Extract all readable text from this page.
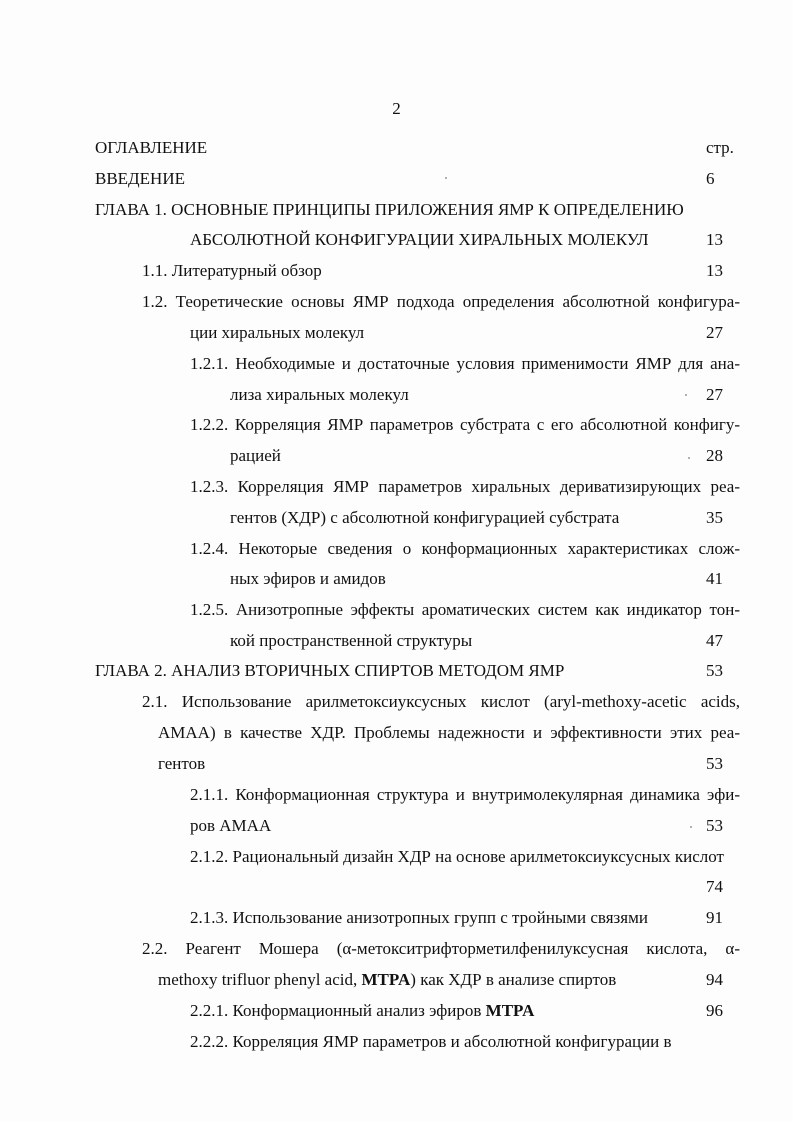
2
ОГЛАВЛЕНИЕ	стр.
ВВЕДЕНИЕ	6
ГЛАВА 1. ОСНОВНЫЕ ПРИНЦИПЫ ПРИЛОЖЕНИЯ ЯМР К ОПРЕДЕЛЕНИЮ
АБСОЛЮТНОЙ КОНФИГУРАЦИИ ХИРАЛЬНЫХ МОЛЕКУЛ	13
1.1. Литературный обзор	13
1.2. Теоретические основы ЯМР подхода определения абсолютной конфигура-
ции хиральных молекул	27
1.2.1. Необходимые и достаточные условия применимости ЯМР для ана-
лиза хиральных молекул	27
1.2.2. Корреляция ЯМР параметров субстрата с его абсолютной конфигу-
рацией	28
1.2.3. Корреляция ЯМР параметров хиральных дериватизирующих реа-
гентов (ХДР) с абсолютной конфигурацией субстрата	35
1.2.4. Некоторые сведения о конформационных характеристиках слож-
ных эфиров и амидов	41
1.2.5. Анизотропные эффекты ароматических систем как индикатор тон-
кой пространственной структуры	47
ГЛАВА 2. АНАЛИЗ ВТОРИЧНЫХ СПИРТОВ МЕТОДОМ ЯМР	53
2.1. Использование арилметоксиуксусных кислот (aryl-methoxy-acetic acids,
AMAA) в качестве ХДР. Проблемы надежности и эффективности этих реа-
гентов	53
2.1.1. Конформационная структура и внутримолекулярная динамика эфи-
ров AMAA	53
2.1.2. Рациональный дизайн ХДР на основе арилметоксиуксусных кислот
74
2.1.3. Использование анизотропных групп с тройными связями	91
2.2. Реагент Мошера (α-метокситрифторметилфенилуксусная кислота, α-
methoxy trifluor phenyl acid, MTPA) как ХДР в анализе спиртов	94
2.2.1. Конформационный анализ эфиров MTPA	96
2.2.2. Корреляция ЯМР параметров и абсолютной конфигурации в
